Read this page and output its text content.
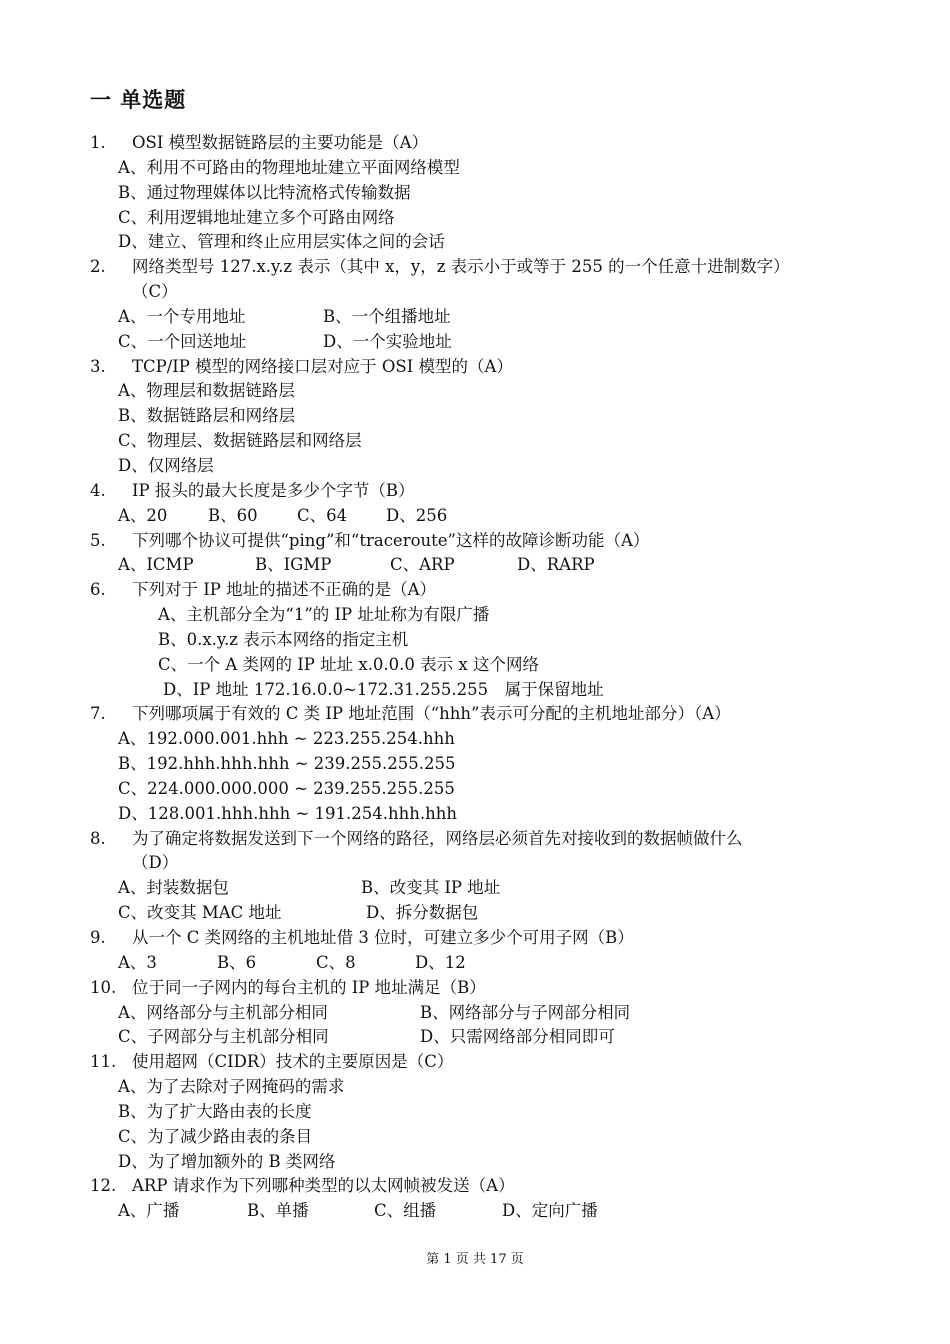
一 单选题
1.	OSI 模型数据链路层的主要功能是（A）
A、利用不可路由的物理地址建立平面网络模型
B、通过物理媒体以比特流格式传输数据
C、利用逻辑地址建立多个可路由网络
D、建立、管理和终止应用层实体之间的会话
2.	网络类型号 127.x.y.z 表示（其中 x，y，z 表示小于或等于 255 的一个任意十进制数字）
（C）
A、一个专用地址	B、一个组播地址
C、一个回送地址	D、一个实验地址
3.	TCP/IP 模型的网络接口层对应于 OSI 模型的（A）
A、物理层和数据链路层
B、数据链路层和网络层
C、物理层、数据链路层和网络层
D、仅网络层
4.	IP 报头的最大长度是多少个字节（B）
A、20	B、60	C、64	D、256
5.	下列哪个协议可提供“ping”和“traceroute”这样的故障诊断功能（A）
A、ICMP	B、IGMP	C、ARP	D、RARP
6.	下列对于 IP 地址的描述不正确的是（A）
A、主机部分全为“1”的 IP 址址称为有限广播
B、0.x.y.z 表示本网络的指定主机
C、一个 A 类网的 IP 址址 x.0.0.0 表示 x 这个网络
D、IP 地址 172.16.0.0~172.31.255.255　属于保留地址
7.	下列哪项属于有效的 C 类 IP 地址范围（“hhh”表示可分配的主机地址部分）（A）
A、192.000.001.hhh ~ 223.255.254.hhh
B、192.hhh.hhh.hhh ~ 239.255.255.255
C、224.000.000.000 ~ 239.255.255.255
D、128.001.hhh.hhh ~ 191.254.hhh.hhh
8.	为了确定将数据发送到下一个网络的路径，网络层必须首先对接收到的数据帧做什么
（D）
A、封装数据包	B、改变其 IP 地址
C、改变其 MAC 地址	D、拆分数据包
9.	从一个 C 类网络的主机地址借 3 位时，可建立多少个可用子网（B）
A、3	B、6	C、8	D、12
10. 位于同一子网内的每台主机的 IP 地址满足（B）
A、网络部分与主机部分相同	B、网络部分与子网部分相同
C、子网部分与主机部分相同	D、只需网络部分相同即可
11. 使用超网（CIDR）技术的主要原因是（C）
A、为了去除对子网掩码的需求
B、为了扩大路由表的长度
C、为了减少路由表的条目
D、为了增加额外的 B 类网络
12. ARP 请求作为下列哪种类型的以太网帧被发送（A）
A、广播	B、单播	C、组播	D、定向广播
第 1 页 共 17 页
